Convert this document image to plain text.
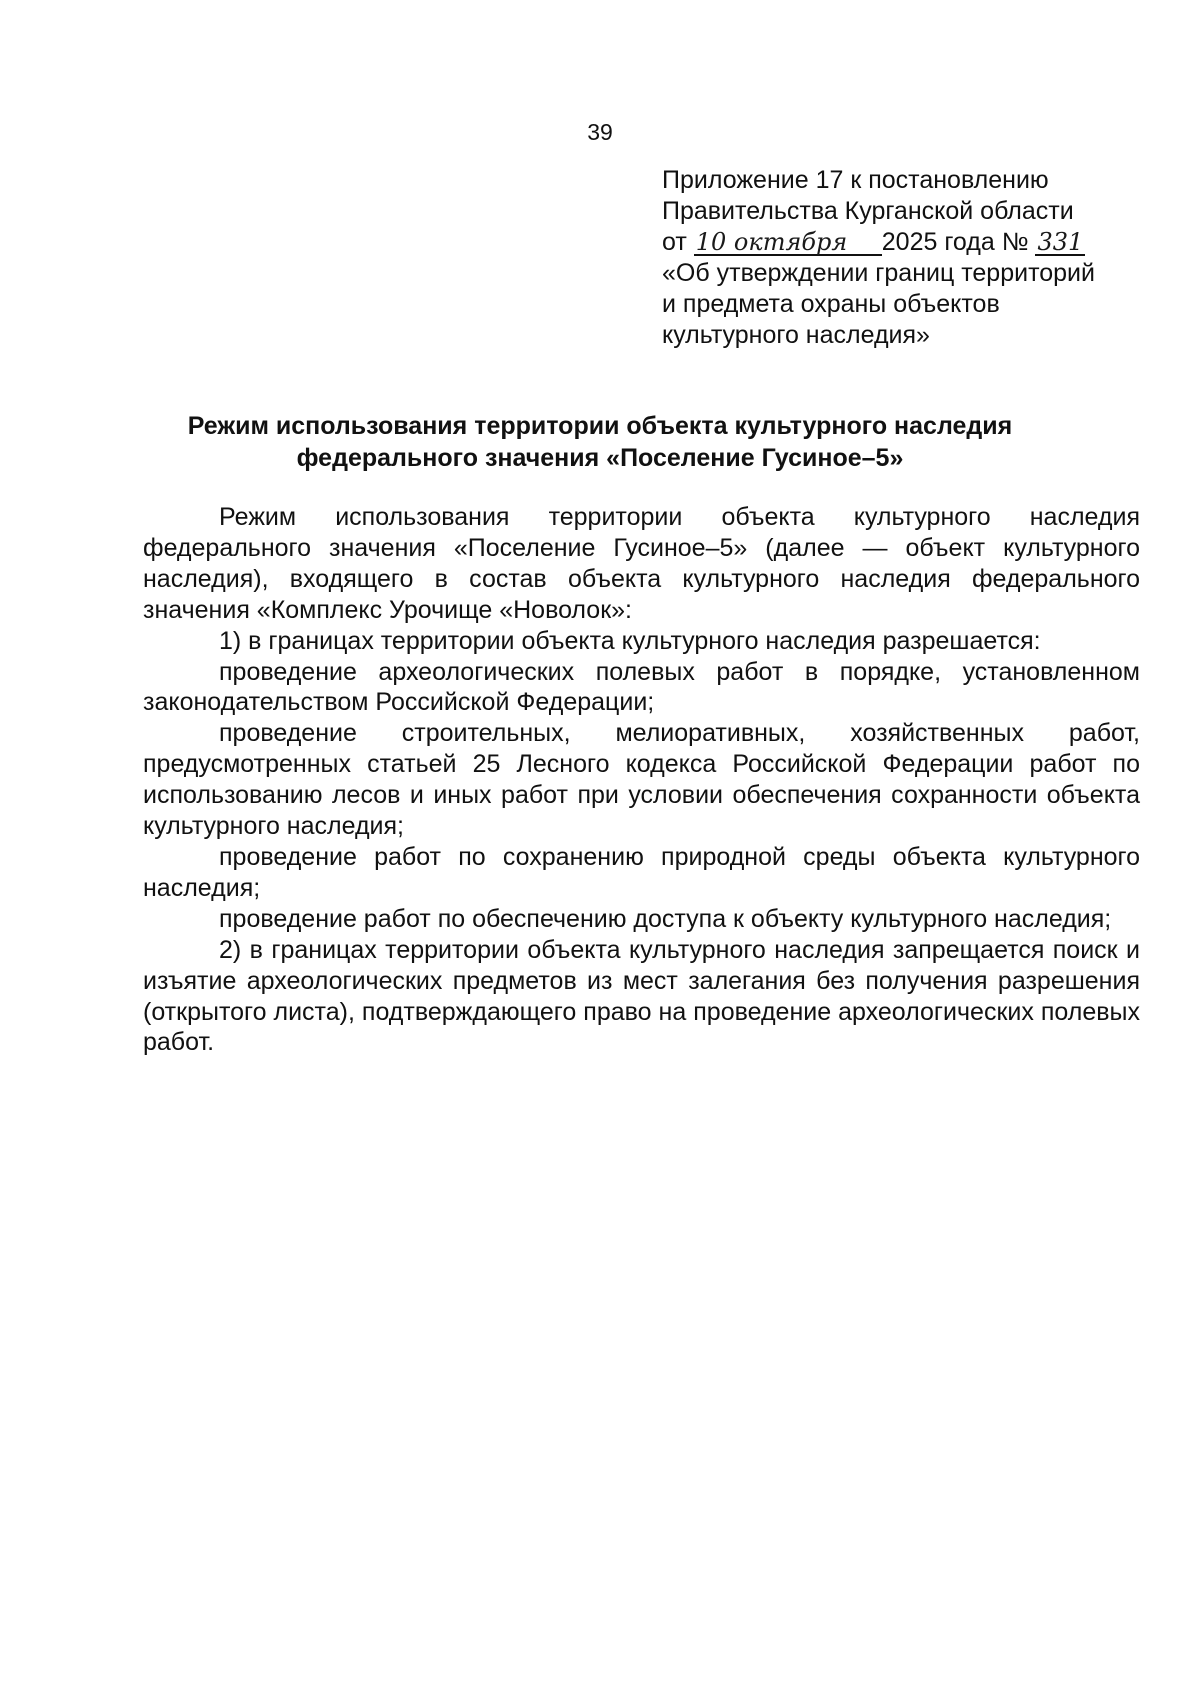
39
Приложение 17 к постановлению
Правительства Курганской области
от 10 октября 2025 года № 331
«Об утверждении границ территорий
и предмета охраны объектов
культурного наследия»
Режим использования территории объекта культурного наследия
федерального значения «Поселение Гусиное–5»

Режим использования территории объекта культурного наследия федерального значения «Поселение Гусиное–5» (далее — объект культурного наследия), входящего в состав объекта культурного наследия федерального значения «Комплекс Урочище «Новолок»:

1) в границах территории объекта культурного наследия разрешается:

проведение археологических полевых работ в порядке, установленном законодательством Российской Федерации;

проведение строительных, мелиоративных, хозяйственных работ, предусмотренных статьей 25 Лесного кодекса Российской Федерации работ по использованию лесов и иных работ при условии обеспечения сохранности объекта культурного наследия;

проведение работ по сохранению природной среды объекта культурного наследия;

проведение работ по обеспечению доступа к объекту культурного наследия;

2) в границах территории объекта культурного наследия запрещается поиск и изъятие археологических предметов из мест залегания без получения разрешения (открытого листа), подтверждающего право на проведение археологических полевых работ.
